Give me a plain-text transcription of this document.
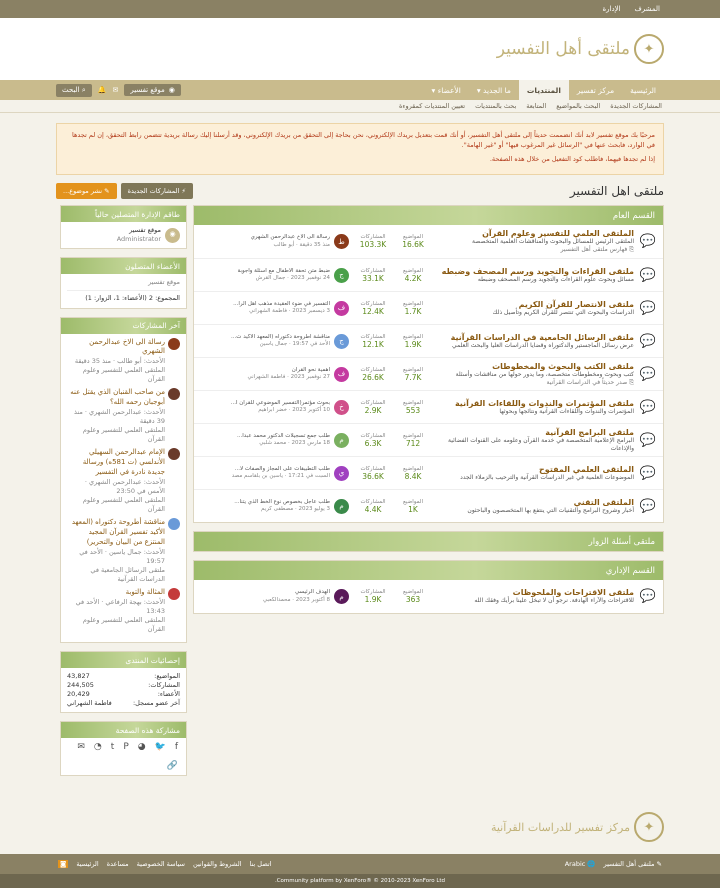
المشرف
الإدارة
✦
ملتقى أهل التفسير
الرئيسية
مركز تفسير
المنتديات
ما الجديد
▾
الأعضاء
▾
◉
موقع تفسير
✉
🔔
⌕ البحث
المشاركات الجديدة
البحث بالمواضيع
المتابعة
بحث بالمنتديات
تعيين المنتديات كمقروءة

مرحبًا بك موقع تفسير لابد أنك انضممت حديثاً إلى ملتقى أهل التفسير، أو أنك قمت بتعديل بريدك الإلكتروني، نحن بحاجة إلى التحقق من بريدك الإلكتروني، وقد أرسلنا إليك رسالة بريدية تتضمن رابط التحقق، إن لم تجدها في الوارد، فابحث عنها في "الرسائل غير المرغوب فيها" أو "غير الهامة".

إذا لم تجدها فيهما، فاطلب كود التفعيل من خلال هذه الصفحة.

ملتقى اهل التفسير
⚡ المشاركات الجديدة
✎ نشر موضوع...
القسم العام
💬
الملتقى العلمي للتفسير وعلوم القرآن
الملتقى الرئيس للمسائل والبحوث والمناقشات العلمية المتخصصة
⎘ فهارس ملتقى أهل التفسير
المواضيع
16.6K
المشاركات
103.3K
ط
رسالة الى الاخ عبدالرحمن الشهري
منذ 35 دقيقة · أبو طالب
💬
ملتقى القراءات والتجويد ورسم المصحف وضبطه
مسائل وبحوث علوم القراءات والتجويد ورسم المصحف وضبطه
المواضيع
4.2K
المشاركات
33.1K
ج
ضبط متن تحفة الأطفال مع أسئلة وأجوبة
24 نوفمبر 2023 · جمال القرش
💬
ملتقى الانتصار للقرآن الكريم
الدراسات والبحوث التي تنتصر للقرآن الكريم وتأصيل ذلك
المواضيع
1.7K
المشاركات
12.4K
ف
التفسير في ضوء العقيدة مذهب أهل الرأ...
3 ديسمبر 2023 · فاطمة الشهراني
💬
ملتقى الرسائل الجامعية في الدراسات القرآنية
عرض رسائل الماجستير والدكتوراه وقضايا الدراسات العليا والبحث العلمي
المواضيع
1.9K
المشاركات
12.1K
ج
مناقشة أطروحة دكتوراه (المعهد الأكيد ت...
الأحد في 19:57 · جمال ياسين
💬
ملتقى الكتب والبحوث والمخطوطات
كتب وبحوث ومخطوطات متخصصة، وما يدور حولها من مناقشات وأسئلة
⎘ صدر حديثاً في الدراسات القرآنية
المواضيع
7.7K
المشاركات
26.6K
ف
أهمية نحو القرآن
27 نوفمبر 2023 · فاطمة الشهراني
💬
ملتقى المؤتمرات والندوات واللقاءات القرآنية
المؤتمرات والندوات واللقاءات القرآنية ونتائجها وبحوثها
المواضيع
553
المشاركات
2.9K
خ
بحوث مؤتمر(التفسير الموضوعي للقرآن ا...
10 أكتوبر 2023 · خضر ابراهيم
💬
ملتقى البرامج القرآنية
البرامج الإعلامية المتخصصة في خدمة القرآن وعلومه على القنوات الفضائية والإذاعات
المواضيع
712
المشاركات
6.3K
م
طلب جمع تسجيلات الدكتور محمد عبدا...
18 مارس 2023 · محمد شلبي
💬
الملتقى العلمي المفتوح
الموضوعات العلمية في غير الدراسات القرآنية والترحيب بالزملاء الجدد
المواضيع
8.4K
المشاركات
36.6K
ي
طلب التطبيقات على المجاز والصفات لا...
السبت في 17:21 · ياسين بن بلقاسم مصد
💬
الملتقى التقني
أخبار وشروح البرامج والتقنيات التي ينتفع بها المتخصصون والباحثون
المواضيع
1K
المشاركات
4.4K
م
طلب عاجل بخصوص نوع الخط الذي يتنا...
3 يوليو 2023 · مصطفى كريم
ملتقى أسئلة الزوار
القسم الإداري
💬
ملتقى الاقتراحات والملحوظات
للاقتراحات والآراء الهادفة. نرجو أن لا تبخل علينا برأيك وفقك الله
المواضيع
363
المشاركات
1.9K
م
الهدف الرئيسي
8 أكتوبر 2023 · محمدالكعبي
طاقم الإدارة المتصلين حالياً
◉
موقع تفسير
Administrator
الأعضاء المتصلون
موقع تفسير
المجموع: 2 (الأعضاء: 1، الزوار: 1)
آخر المشاركات
رسالة الى الاخ عبدالرحمن الشهري
الأحدث: أبو طالب · منذ 35 دقيقة
الملتقى العلمي للتفسير وعلوم القرآن
من صاحب القنبان الذي يقتل عنه أبوجبان رحمه الله؟
الأحدث: عبدالرحمن الشهري · منذ 39 دقيقة
الملتقى العلمي للتفسير وعلوم القرآن
الإمام عبدالرحمن السهيلي الأندلسي (ت 581ه) ورسالة جديدة نادرة في التفسير
الأحدث: عبدالرحمن الشهري · الأمس في 23:50
الملتقى العلمي للتفسير وعلوم القرآن
مناقشة أطروحة دكتوراه (المعهد الأكيد تفسير القرآن المجيد المنتزع من البيان والتحرير)
الأحدث: جمال ياسين · الأحد في 19:57
ملتقى الرسائل الجامعية في الدراسات القرآنية
المثالة والتوبة
الأحدث: بهجة الرفاعي · الأحد في 13:43
الملتقى العلمي للتفسير وعلوم القرآن
إحصائيات المنتدى
المواضيع:
43,827
المشاركات:
244,505
الأعضاء:
20,429
آخر عضو مسجل:
فاطمة الشهراني
مشاركة هذه الصفحة
f
🐦
◕
P
t
◔
✉
🔗
✦
مركز تفسير للدراسات القرآنية
✎ ملتقى أهل التفسير
🌐 Arabic
اتصل بنا
الشروط والقوانين
سياسة الخصوصية
مساعدة
الرئيسية
◙
Community platform by XenForo® © 2010-2023 XenForo Ltd.
